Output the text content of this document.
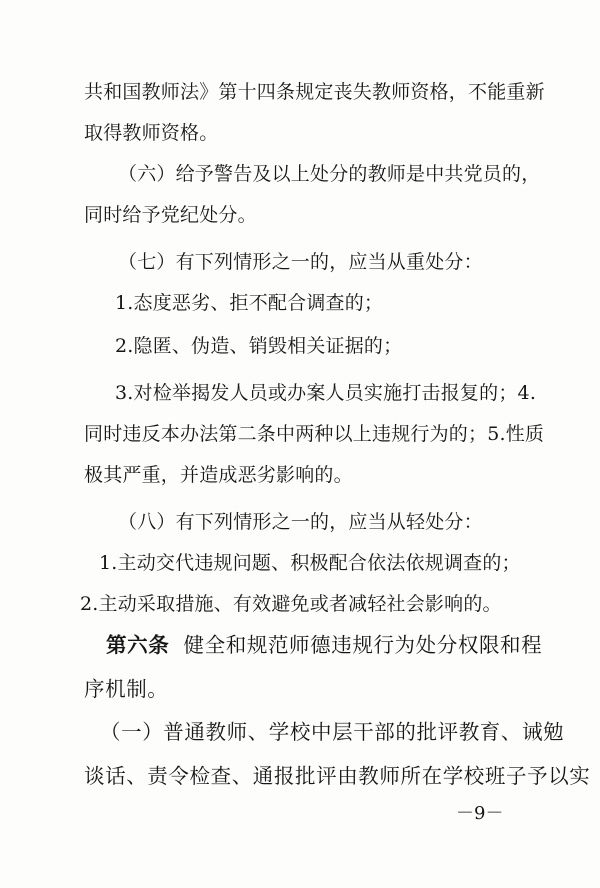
共和国教师法》第十四条规定丧失教师资格，不能重新
取得教师资格。
（六）给予警告及以上处分的教师是中共党员的，
同时给予党纪处分。
（七）有下列情形之一的，应当从重处分：
1.态度恶劣、拒不配合调查的；
2.隐匿、伪造、销毁相关证据的；
3.对检举揭发人员或办案人员实施打击报复的；4.
同时违反本办法第二条中两种以上违规行为的；5.性质
极其严重，并造成恶劣影响的。
（八）有下列情形之一的，应当从轻处分：
1.主动交代违规问题、积极配合依法依规调查的；
2.主动采取措施、有效避免或者减轻社会影响的。
第六条 健全和规范师德违规行为处分权限和程
序机制。
（一）普通教师、学校中层干部的批评教育、诫勉
谈话、责令检查、通报批评由教师所在学校班子予以实
－9－
